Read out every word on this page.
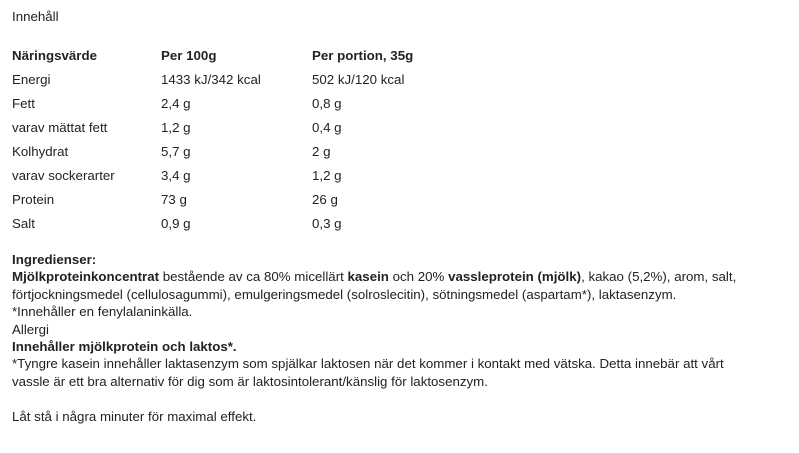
Innehåll
Näringsvärde	Per 100g	Per portion, 35g
Energi	1433 kJ/342 kcal	502 kJ/120 kcal
Fett	2,4 g	0,8 g
varav mättat fett	1,2 g	0,4 g
Kolhydrat	5,7 g	2 g
varav sockerarter	3,4 g	1,2 g
Protein	73 g	26 g
Salt	0,9 g	0,3 g

Ingredienser:

Mjölkproteinkoncentrat bestående av ca 80% micellärt kasein och 20% vassleprotein (mjölk), kakao (5,2%), arom, salt,

förtjockningsmedel (cellulosagummi), emulgeringsmedel (solroslecitin), sötningsmedel (aspartam*), laktasenzym.

*Innehåller en fenylalaninkälla.

Allergi

Innehåller mjölkprotein och laktos*.

*Tyngre kasein innehåller laktasenzym som spjälkar laktosen när det kommer i kontakt med vätska. Detta innebär att vårt

vassle är ett bra alternativ för dig som är laktosintolerant/känslig för laktosenzym.

Låt stå i några minuter för maximal effekt.
